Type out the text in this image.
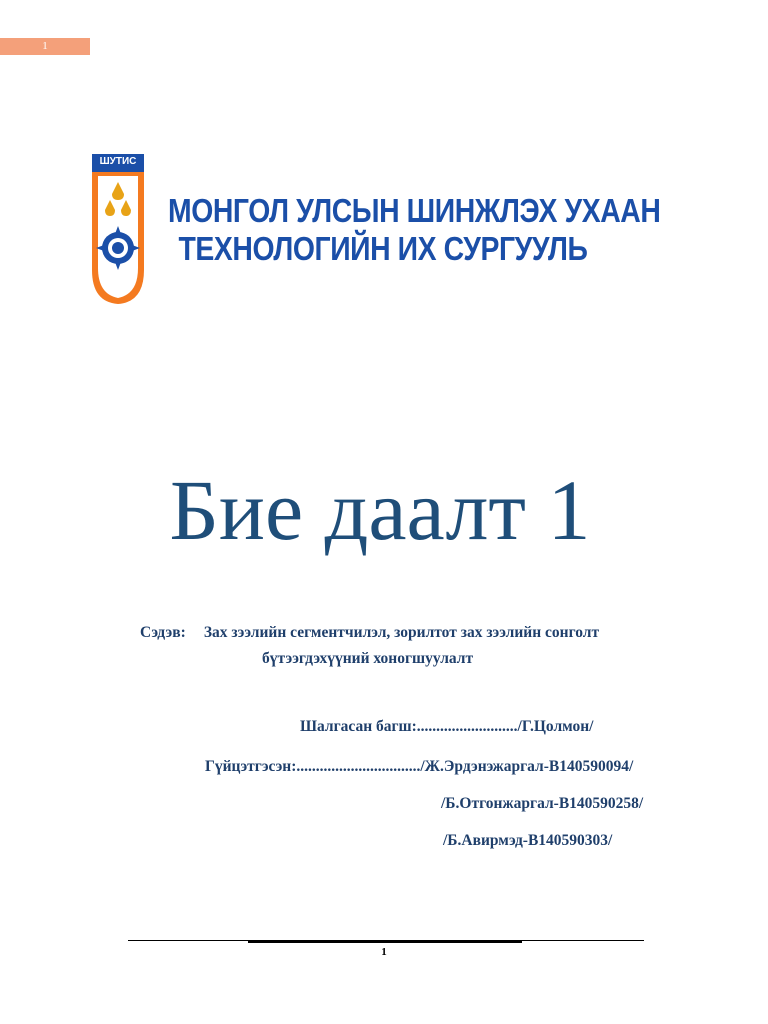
1
ШУТИС
МОНГОЛ УЛСЫН ШИНЖЛЭХ УХААН
ТЕХНОЛОГИЙН ИХ СУРГУУЛЬ
Бие даалт 1
Сэдэв: Зах зээлийн сегментчилэл, зорилтот зах зээлийн сонголт
бүтээгдэхүүний хоногшуулалт
Шалгасан багш:........................../Г.Цолмон/
Гүйцэтгэсэн:................................/Ж.Эрдэнэжаргал-B140590094/
/Б.Отгонжаргал-B140590258/
/Б.Авирмэд-B140590303/
1
